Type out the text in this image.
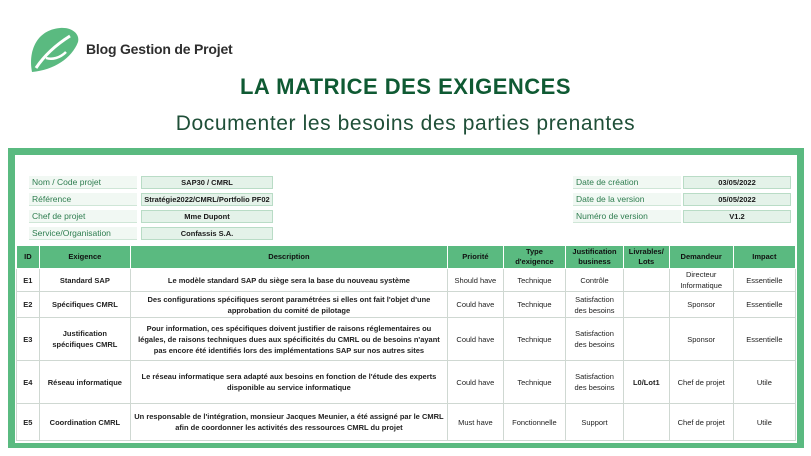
Blog Gestion de Projet
LA MATRICE DES EXIGENCES
Documenter les besoins des parties prenantes
Nom / Code projet	SAP30 / CMRL
Référence	Stratégie2022/CMRL/Portfolio PF02
Chef de projet	Mme Dupont
Service/Organisation	Confassis S.A.
Date de création	03/05/2022
Date de la version	05/05/2022
Numéro de version	V1.2
ID	Exigence	Description	Priorité	Type d'exigence	Justification business	Livrables/ Lots	Demandeur	Impact
E1	Standard SAP	Le modèle standard SAP du siège sera la base du nouveau système	Should have	Technique	Contrôle		Directeur Informatique	Essentielle
E2	Spécifiques CMRL	Des configurations spécifiques seront paramétrées si elles ont fait l'objet d'une approbation du comité de pilotage	Could have	Technique	Satisfaction des besoins		Sponsor	Essentielle
E3	Justification spécifiques CMRL	Pour information, ces spécifiques doivent justifier de raisons réglementaires ou légales, de raisons techniques dues aux spécificités du CMRL ou de besoins n'ayant pas encore été identifiés lors des implémentations SAP sur nos autres sites	Could have	Technique	Satisfaction des besoins		Sponsor	Essentielle
E4	Réseau informatique	Le réseau informatique sera adapté aux besoins en fonction de l'étude des experts disponible au service informatique	Could have	Technique	Satisfaction des besoins	L0/Lot1	Chef de projet	Utile
E5	Coordination CMRL	Un responsable de l'intégration, monsieur Jacques Meunier, a été assigné par le CMRL afin de coordonner les activités des ressources CMRL du projet	Must have	Fonctionnelle	Support		Chef de projet	Utile
